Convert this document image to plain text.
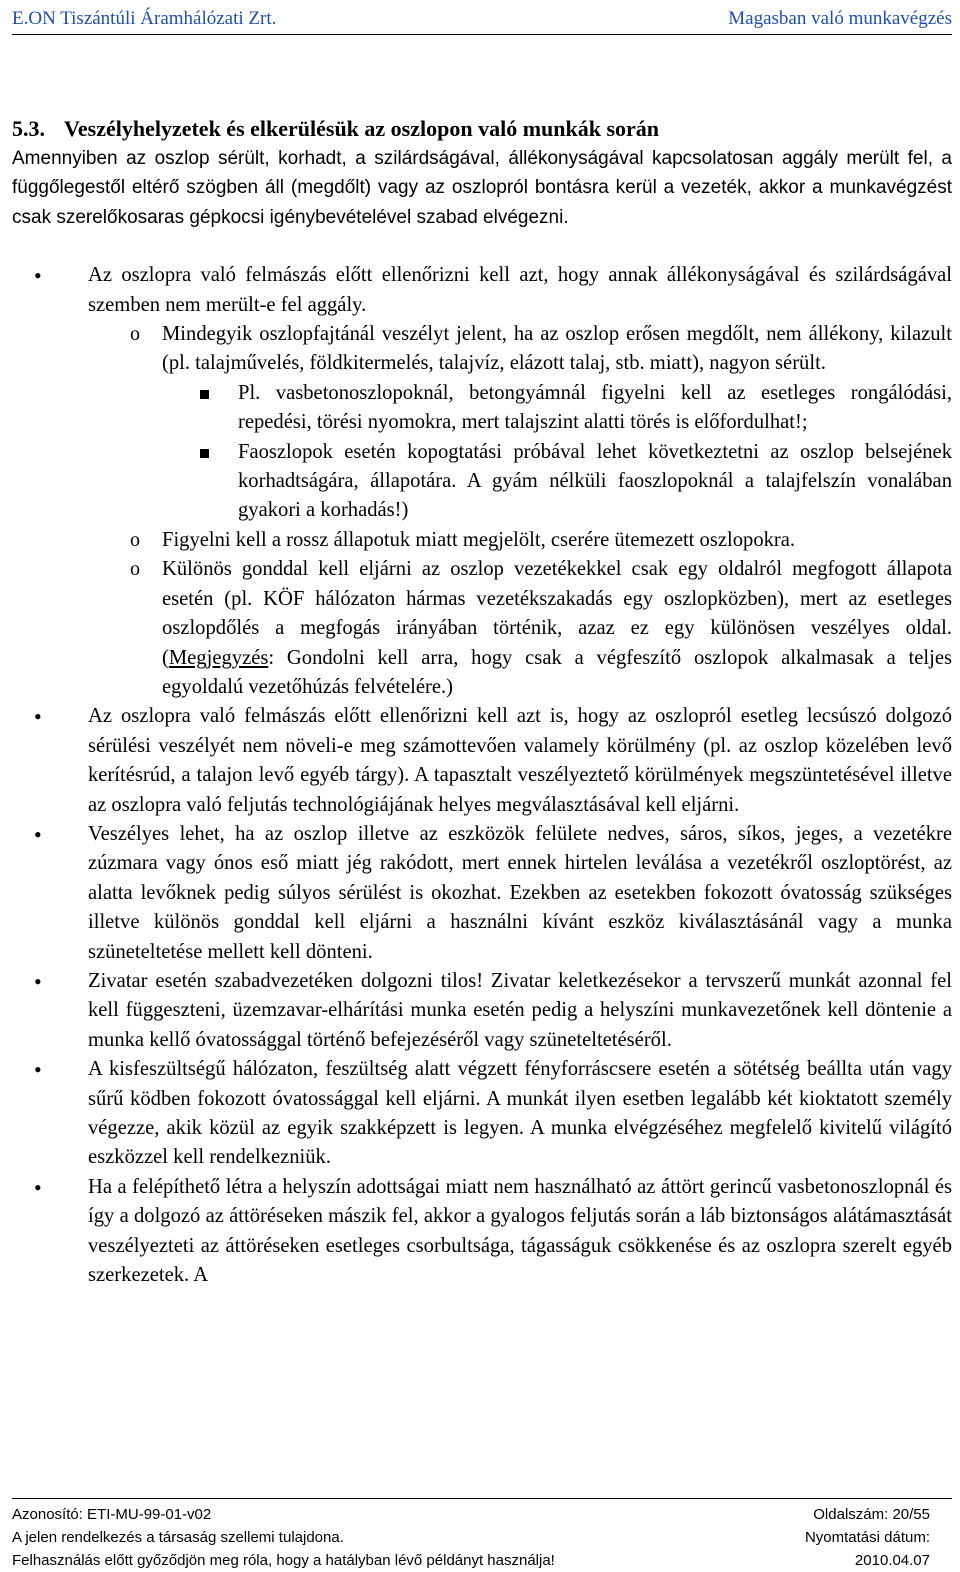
E.ON Tiszántúli Áramhálózati Zrt.	Magasban való munkavégzés
5.3. Veszélyhelyzetek és elkerülésük az oszlopon való munkák során

Amennyiben az oszlop sérült, korhadt, a szilárdságával, állékonyságával kapcsolatosan aggály merült fel, a függőlegestől eltérő szögben áll (megdőlt) vagy az oszlopról bontásra kerül a vezeték, akkor a munkavégzést csak szerelőkosaras gépkocsi igénybevételével szabad elvégezni.

• Az oszlopra való felmászás előtt ellenőrizni kell azt, hogy annak állékonyságával és szilárdságával szemben nem merült-e fel aggály.

o Mindegyik oszlopfajtánál veszélyt jelent, ha az oszlop erősen megdőlt, nem állékony, kilazult (pl. talajművelés, földkitermelés, talajvíz, elázott talaj, stb. miatt), nagyon sérült.

Pl. vasbetonoszlopoknál, betongyámnál figyelni kell az esetleges rongálódási, repedési, törési nyomokra, mert talajszint alatti törés is előfordulhat!;

Faoszlopok esetén kopogtatási próbával lehet következtetni az oszlop belsejének korhadtságára, állapotára. A gyám nélküli faoszlopoknál a talajfelszín vonalában gyakori a korhadás!)

o Figyelni kell a rossz állapotuk miatt megjelölt, cserére ütemezett oszlopokra.

o Különös gonddal kell eljárni az oszlop vezetékekkel csak egy oldalról megfogott állapota esetén (pl. KÖF hálózaton hármas vezetékszakadás egy oszlopközben), mert az esetleges oszlopdőlés a megfogás irányában történik, azaz ez egy különösen veszélyes oldal. (Megjegyzés: Gondolni kell arra, hogy csak a végfeszítő oszlopok alkalmasak a teljes egyoldalú vezetőhúzás felvételére.)

• Az oszlopra való felmászás előtt ellenőrizni kell azt is, hogy az oszlopról esetleg lecsúszó dolgozó sérülési veszélyét nem növeli-e meg számottevően valamely körülmény (pl. az oszlop közelében levő kerítésrúd, a talajon levő egyéb tárgy). A tapasztalt veszélyeztető körülmények megszüntetésével illetve az oszlopra való feljutás technológiájának helyes megválasztásával kell eljárni.

• Veszélyes lehet, ha az oszlop illetve az eszközök felülete nedves, sáros, síkos, jeges, a vezetékre zúzmara vagy ónos eső miatt jég rakódott, mert ennek hirtelen leválása a vezetékről oszloptörést, az alatta levőknek pedig súlyos sérülést is okozhat. Ezekben az esetekben fokozott óvatosság szükséges illetve különös gonddal kell eljárni a használni kívánt eszköz kiválasztásánál vagy a munka szüneteltetése mellett kell dönteni.

• Zivatar esetén szabadvezetéken dolgozni tilos! Zivatar keletkezésekor a tervszerű munkát azonnal fel kell függeszteni, üzemzavar-elhárítási munka esetén pedig a helyszíni munkavezetőnek kell döntenie a munka kellő óvatossággal történő befejezéséről vagy szüneteltetéséről.

• A kisfeszültségű hálózaton, feszültség alatt végzett fényforráscsere esetén a sötétség beállta után vagy sűrű ködben fokozott óvatossággal kell eljárni. A munkát ilyen esetben legalább két kioktatott személy végezze, akik közül az egyik szakképzett is legyen. A munka elvégzéséhez megfelelő kivitelű világító eszközzel kell rendelkezniük.

• Ha a felépíthető létra a helyszín adottságai miatt nem használható az áttört gerincű vasbetonoszlopnál és így a dolgozó az áttöréseken mászik fel, akkor a gyalogos feljutás során a láb biztonságos alátámasztását veszélyezteti az áttöréseken esetleges csorbultsága, tágasságuk csökkenése és az oszlopra szerelt egyéb szerkezetek. A

Azonosító: ETI-MU-99-01-v02	Oldalszám: 20/55
A jelen rendelkezés a társaság szellemi tulajdona.	Nyomtatási dátum:
Felhasználás előtt győződjön meg róla, hogy a hatályban lévő példányt használja!	2010.04.07
